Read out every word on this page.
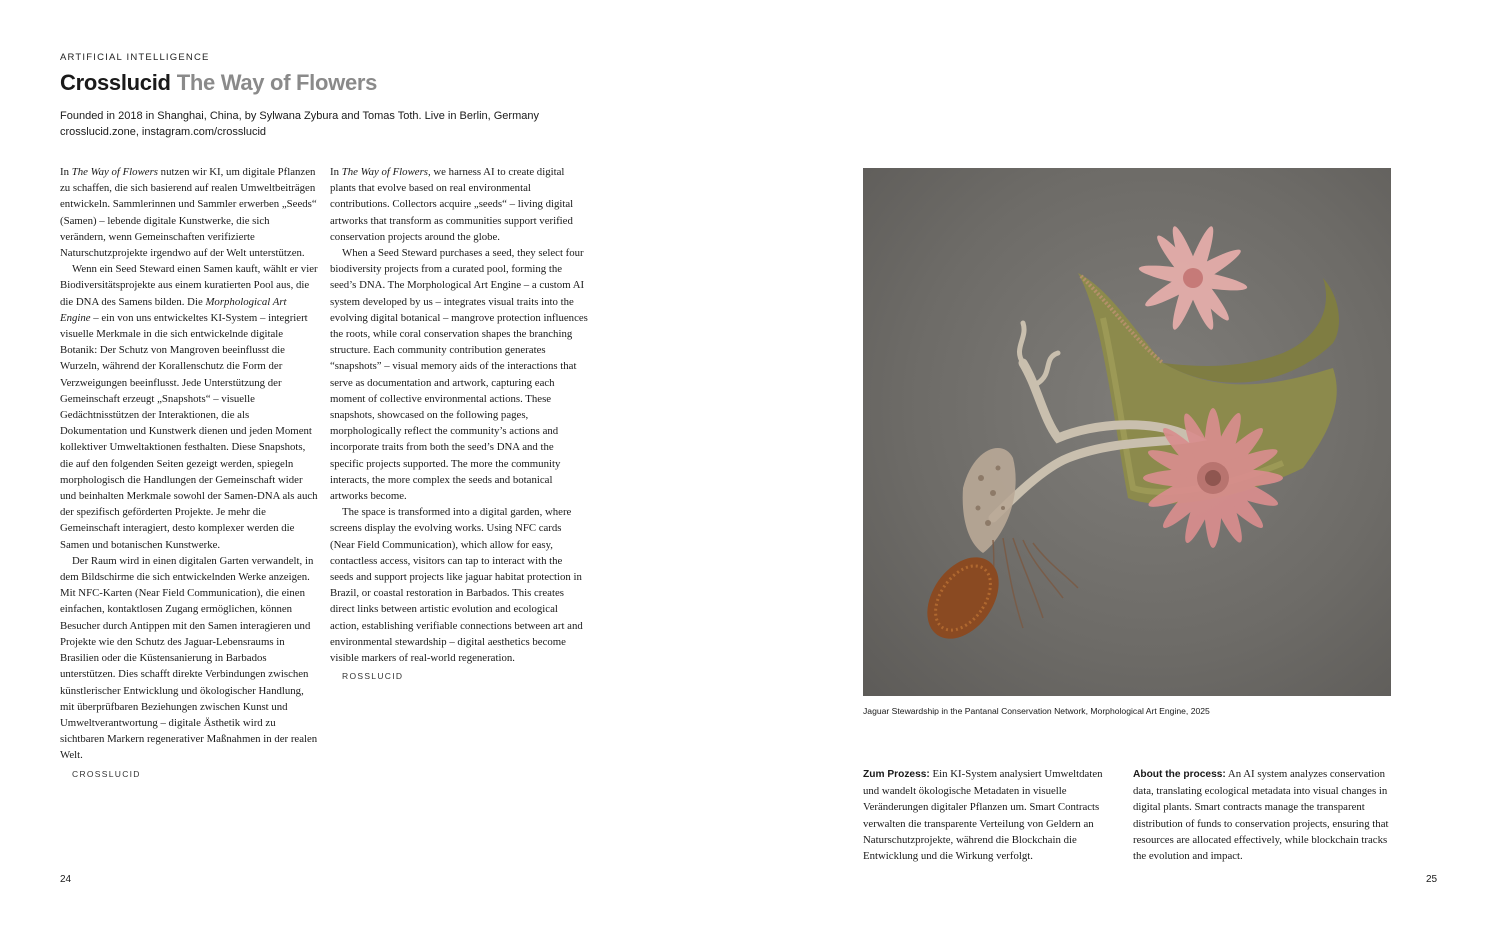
ARTIFICIAL INTELLIGENCE
Crosslucid The Way of Flowers
Founded in 2018 in Shanghai, China, by Sylwana Zybura and Tomas Toth. Live in Berlin, Germany
crosslucid.zone, instagram.com/crosslucid

In The Way of Flowers nutzen wir KI, um digitale Pflanzen zu schaffen, die sich basierend auf realen Umweltbeiträgen entwickeln. Sammlerinnen und Sammler erwerben „Seeds“ (Samen) – lebende digitale Kunstwerke, die sich verändern, wenn Gemeinschaften verifizierte Naturschutzprojekte irgendwo auf der Welt unterstützen.

Wenn ein Seed Steward einen Samen kauft, wählt er vier Biodiversitätsprojekte aus einem kuratierten Pool aus, die die DNA des Samens bilden. Die Morphological Art Engine – ein von uns entwickeltes KI-System – integriert visuelle Merkmale in die sich entwickelnde digitale Botanik: Der Schutz von Mangroven beeinflusst die Wurzeln, während der Korallenschutz die Form der Verzweigungen beeinflusst. Jede Unterstützung der Gemeinschaft erzeugt „Snapshots“ – visuelle Gedächtnisstützen der Interaktionen, die als Dokumentation und Kunstwerk dienen und jeden Moment kollektiver Umweltaktionen festhalten. Diese Snapshots, die auf den folgenden Seiten gezeigt werden, spiegeln morphologisch die Handlungen der Gemeinschaft wider und beinhalten Merkmale sowohl der Samen-DNA als auch der spezifisch geförderten Projekte. Je mehr die Gemeinschaft interagiert, desto komplexer werden die Samen und botanischen Kunstwerke.

Der Raum wird in einen digitalen Garten verwandelt, in dem Bildschirme die sich entwickelnden Werke anzeigen. Mit NFC-Karten (Near Field Communication), die einen einfachen, kontaktlosen Zugang ermöglichen, können Besucher durch Antippen mit den Samen interagieren und Projekte wie den Schutz des Jaguar-Lebensraums in Brasilien oder die Küstensanierung in Barbados unterstützen. Dies schafft direkte Verbindungen zwischen künstlerischer Entwicklung und ökologischer Handlung, mit überprüfbaren Beziehungen zwischen Kunst und Umweltverantwortung – digitale Ästhetik wird zu sichtbaren Markern regenerativer Maßnahmen in der realen Welt.

CROSSLUCID

In The Way of Flowers, we harness AI to create digital plants that evolve based on real environmental contributions. Collectors acquire „seeds“ – living digital artworks that transform as communities support verified conservation projects around the globe.

When a Seed Steward purchases a seed, they select four biodiversity projects from a curated pool, forming the seed’s DNA. The Morphological Art Engine – a custom AI system developed by us – integrates visual traits into the evolving digital botanical – mangrove protection influences the roots, while coral conservation shapes the branching structure. Each community contribution generates “snapshots” – visual memory aids of the interactions that serve as documentation and artwork, capturing each moment of collective environmental actions. These snapshots, showcased on the following pages, morphologically reflect the community’s actions and incorporate traits from both the seed’s DNA and the specific projects supported. The more the community interacts, the more complex the seeds and botanical artworks become.

The space is transformed into a digital garden, where screens display the evolving works. Using NFC cards (Near Field Communication), which allow for easy, contactless access, visitors can tap to interact with the seeds and support projects like jaguar habitat protection in Brazil, or coastal restoration in Barbados. This creates direct links between artistic evolution and ecological action, establishing verifiable connections between art and environmental stewardship – digital aesthetics become visible markers of real-world regeneration.

ROSSLUCID
Jaguar Stewardship in the Pantanal Conservation Network, Morphological Art Engine, 2025

Zum Prozess: Ein KI-System analysiert Umweltdaten und wandelt ökologische Metadaten in visuelle Veränderungen digitaler Pflanzen um. Smart Contracts verwalten die transparente Verteilung von Geldern an Naturschutzprojekte, während die Blockchain die Entwicklung und die Wirkung verfolgt.

About the process: An AI system analyzes conservation data, translating ecological metadata into visual changes in digital plants. Smart contracts manage the transparent distribution of funds to conservation projects, ensuring that resources are allocated effectively, while blockchain tracks the evolution and impact.

24	25
